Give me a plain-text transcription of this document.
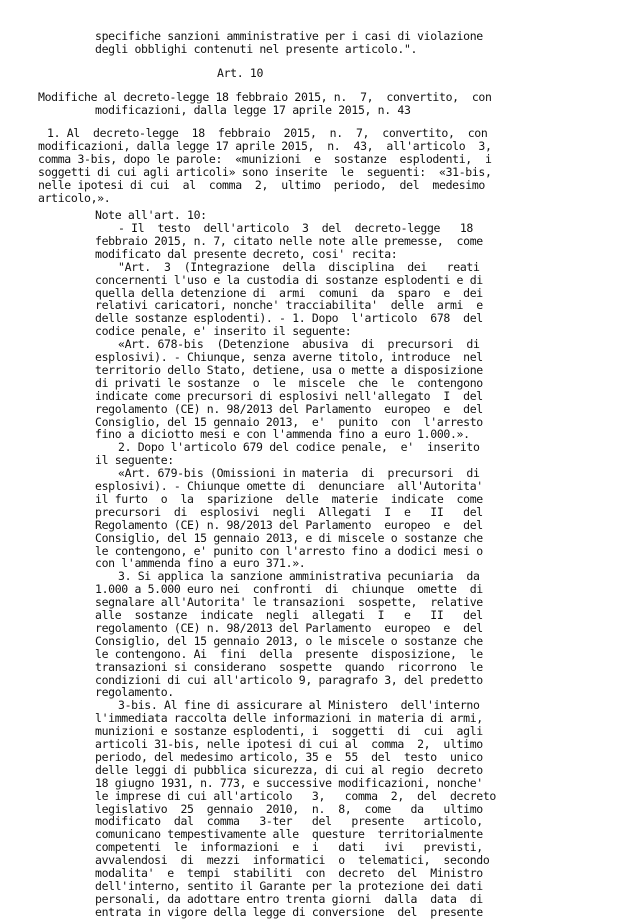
specifiche sanzioni amministrative per i casi di violazione
degli obblighi contenuti nel presente articolo.".
Art. 10
Modifiche al decreto-legge 18 febbraio 2015, n.  7,  convertito,  con
modificazioni, dalla legge 17 aprile 2015, n. 43
1. Al  decreto-legge  18  febbraio  2015,  n.  7,  convertito,  con
modificazioni, dalla legge 17 aprile 2015,  n.  43,  all'articolo  3,
comma 3-bis, dopo le parole:  «munizioni  e  sostanze  esplodenti,  i
soggetti di cui agli articoli» sono inserite  le  seguenti:  «31-bis,
nelle ipotesi di cui  al  comma  2,  ultimo  periodo,  del  medesimo
articolo,».
Note all'art. 10:
- Il  testo  dell'articolo  3  del  decreto-legge   18
febbraio 2015, n. 7, citato nelle note alle premesse,  come
modificato dal presente decreto, cosi' recita:
"Art.  3  (Integrazione  della  disciplina  dei   reati
concernenti l'uso e la custodia di sostanze esplodenti e di
quella della detenzione di  armi  comuni  da  sparo  e  dei
relativi caricatori, nonche' tracciabilita'  delle  armi  e
delle sostanze esplodenti). - 1. Dopo  l'articolo  678  del
codice penale, e' inserito il seguente:
«Art. 678-bis  (Detenzione  abusiva  di  precursori  di
esplosivi). - Chiunque, senza averne titolo, introduce  nel
territorio dello Stato, detiene, usa o mette a disposizione
di privati le sostanze  o  le  miscele  che  le  contengono
indicate come precursori di esplosivi nell'allegato  I  del
regolamento (CE) n. 98/2013 del Parlamento  europeo  e  del
Consiglio, del 15 gennaio 2013,  e'  punito  con  l'arresto
fino a diciotto mesi e con l'ammenda fino a euro 1.000.».
2. Dopo l'articolo 679 del codice penale,  e'  inserito
il seguente:
«Art. 679-bis (Omissioni in materia  di  precursori  di
esplosivi). - Chiunque omette di  denunciare  all'Autorita'
il furto  o  la  sparizione  delle  materie  indicate  come
precursori  di  esplosivi  negli  Allegati  I  e   II   del
Regolamento (CE) n. 98/2013 del Parlamento  europeo  e  del
Consiglio, del 15 gennaio 2013, e di miscele o sostanze che
le contengono, e' punito con l'arresto fino a dodici mesi o
con l'ammenda fino a euro 371.».
3. Si applica la sanzione amministrativa pecuniaria  da
1.000 a 5.000 euro nei  confronti  di  chiunque  omette  di
segnalare all'Autorita' le transazioni  sospette,  relative
alle  sostanze  indicate  negli  allegati  I   e   II   del
regolamento (CE) n. 98/2013 del Parlamento  europeo  e  del
Consiglio, del 15 gennaio 2013, o le miscele o sostanze che
le contengono. Ai  fini  della  presente  disposizione,  le
transazioni si considerano  sospette  quando  ricorrono  le
condizioni di cui all'articolo 9, paragrafo 3, del predetto
regolamento.
3-bis. Al fine di assicurare al Ministero  dell'interno
l'immediata raccolta delle informazioni in materia di armi,
munizioni e sostanze esplodenti, i  soggetti  di  cui  agli
articoli 31-bis, nelle ipotesi di cui al  comma  2,  ultimo
periodo, del medesimo articolo, 35 e  55  del  testo  unico
delle leggi di pubblica sicurezza, di cui al regio  decreto
18 giugno 1931, n. 773, e successive modificazioni, nonche'
le imprese di cui all'articolo   3,   comma  2,  del  decreto
legislativo  25  gennaio  2010,  n.  8,  come   da   ultimo
modificato  dal  comma   3-ter   del   presente   articolo,
comunicano tempestivamente alle  questure  territorialmente
competenti  le  informazioni  e  i   dati   ivi   previsti,
avvalendosi  di  mezzi  informatici  o  telematici,  secondo
modalita'  e  tempi  stabiliti  con  decreto  del  Ministro
dell'interno, sentito il Garante per la protezione dei dati
personali, da adottare entro trenta giorni  dalla  data  di
entrata in vigore della legge di conversione  del  presente
